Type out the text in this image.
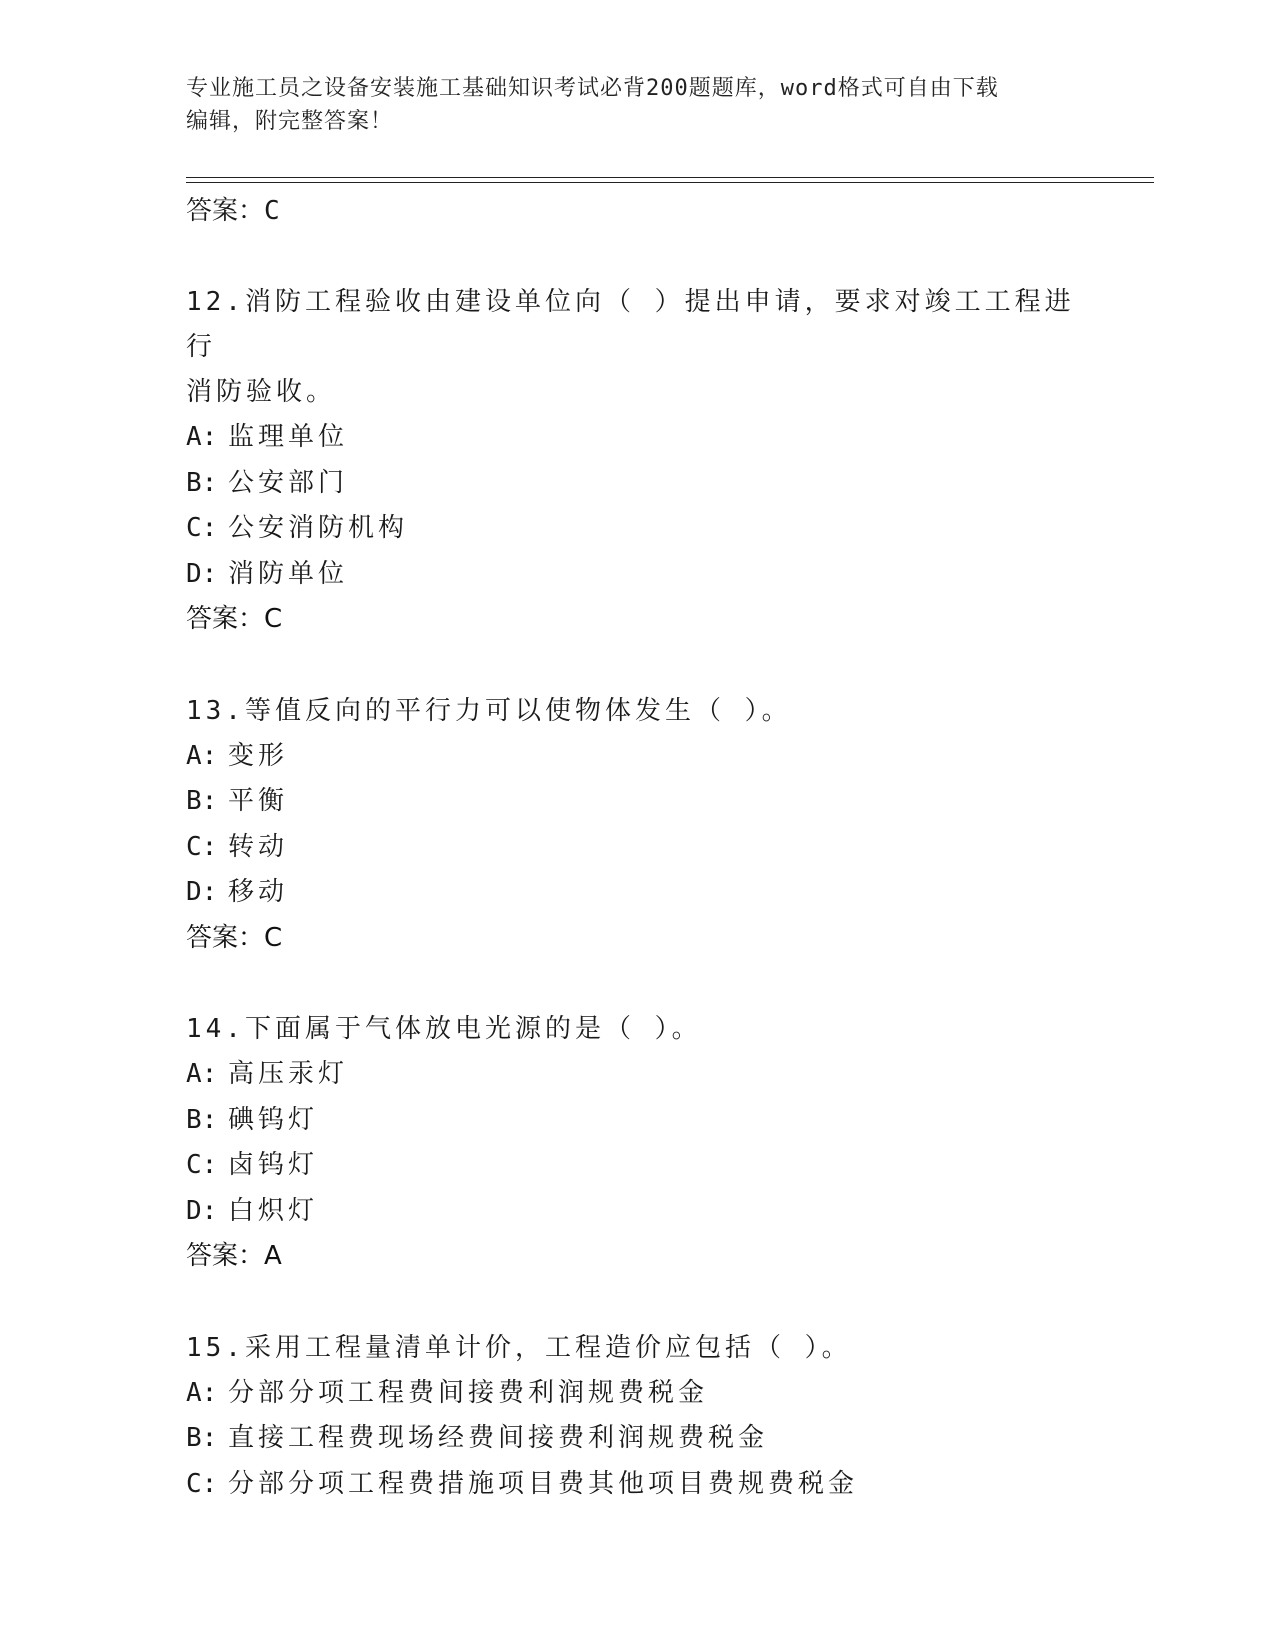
专业施工员之设备安装施工基础知识考试必背200题题库，word格式可自由下载
编辑，附完整答案！
答案：C
12.消防工程验收由建设单位向（ ）提出申请，要求对竣工工程进行
消防验收。
A: 监理单位
B: 公安部门
C: 公安消防机构
D: 消防单位
答案：C
13.等值反向的平行力可以使物体发生（ ）。
A: 变形
B: 平衡
C: 转动
D: 移动
答案：C
14.下面属于气体放电光源的是（ ）。
A: 高压汞灯
B: 碘钨灯
C: 卤钨灯
D: 白炽灯
答案：A
15.采用工程量清单计价，工程造价应包括（ ）。
A: 分部分项工程费间接费利润规费税金
B: 直接工程费现场经费间接费利润规费税金
C: 分部分项工程费措施项目费其他项目费规费税金
